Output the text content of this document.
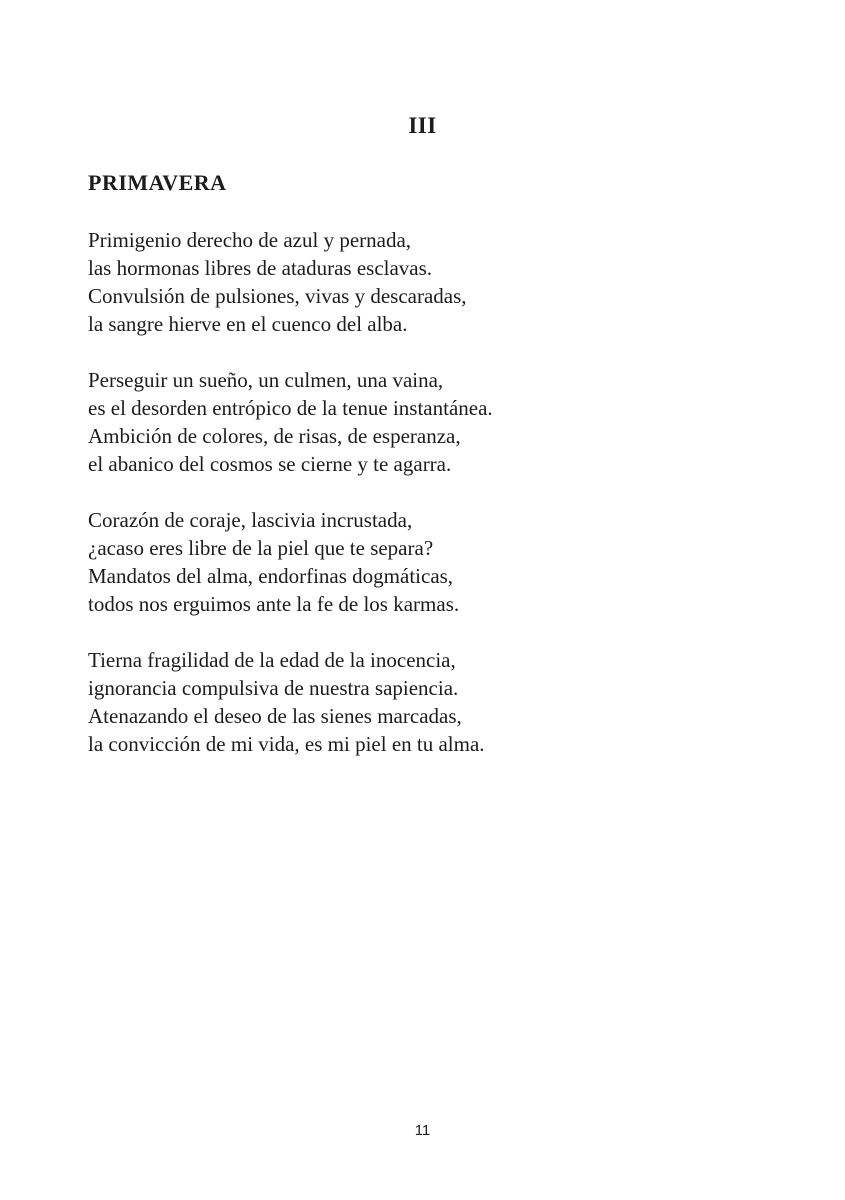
III
PRIMAVERA
Primigenio derecho de azul y pernada,
las hormonas libres de ataduras esclavas.
Convulsión de pulsiones, vivas y descaradas,
la sangre hierve en el cuenco del alba.
Perseguir un sueño, un culmen, una vaina,
es el desorden entrópico de la tenue instantánea.
Ambición de colores, de risas, de esperanza,
el abanico del cosmos se cierne y te agarra.
Corazón de coraje, lascivia incrustada,
¿acaso eres libre de la piel que te separa?
Mandatos del alma, endorfinas dogmáticas,
todos nos erguimos ante la fe de los karmas.
Tierna fragilidad de la edad de la inocencia,
ignorancia compulsiva de nuestra sapiencia.
Atenazando el deseo de las sienes marcadas,
la convicción de mi vida, es mi piel en tu alma.
11
